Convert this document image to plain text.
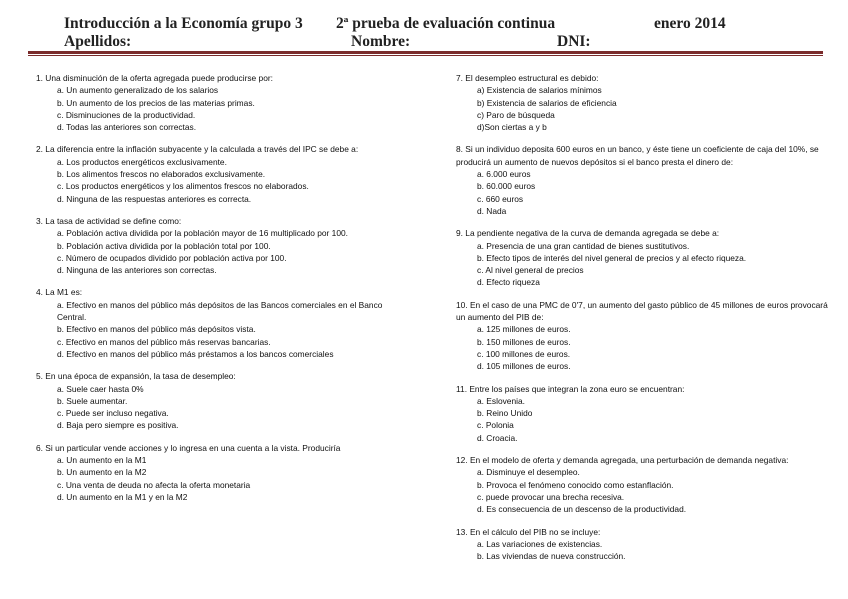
Introducción a la Economía grupo 3 2ª prueba de evaluación continua	enero 2014
Apellidos:	Nombre:	DNI:
1. Una disminución de la oferta agregada puede producirse por:
a. Un aumento generalizado de los salarios
b. Un aumento de los precios de las materias primas.
c. Disminuciones de la productividad.
d. Todas las anteriores son correctas.
2. La diferencia entre la inflación subyacente y la calculada a través del IPC se debe a:
a. Los productos energéticos exclusivamente.
b. Los alimentos frescos no elaborados exclusivamente.
c. Los productos energéticos y los alimentos frescos no elaborados.
d. Ninguna de las respuestas anteriores es correcta.
3. La tasa de actividad se define como:
a. Población activa dividida por la población mayor de 16 multiplicado por 100.
b. Población activa dividida por la población total por 100.
c. Número de ocupados dividido por población activa por 100.
d. Ninguna de las anteriores son correctas.
4. La M1 es:
a. Efectivo en manos del público más depósitos de las Bancos comerciales en el Banco Central.
b. Efectivo en manos del público más depósitos vista.
c. Efectivo en manos del público más reservas bancarias.
d. Efectivo en manos del público más préstamos a los bancos comerciales
5. En una época de expansión, la tasa de desempleo:
a. Suele caer hasta 0%
b. Suele aumentar.
c. Puede ser incluso negativa.
d. Baja pero siempre es positiva.
6. Si un particular vende acciones y lo ingresa en una cuenta a la vista. Produciría
a. Un aumento en la M1
b. Un aumento en la M2
c. Una venta de deuda no afecta la oferta monetaria
d. Un aumento en la M1 y en la M2
7. El desempleo estructural es debido:
a) Existencia de salarios mínimos
b) Existencia de salarios de eficiencia
c) Paro de búsqueda
d)Son ciertas a y b
8. Si un individuo deposita 600 euros en un banco, y éste tiene un coeficiente de caja del 10%, se producirá un aumento de nuevos depósitos si el banco presta el dinero de:
a. 6.000 euros
b. 60.000 euros
c. 660 euros
d. Nada
9. La pendiente negativa de la curva de demanda agregada se debe a:
a. Presencia de una gran cantidad de bienes sustitutivos.
b. Efecto tipos de interés del nivel general de precios y al efecto riqueza.
c. Al nivel general de precios
d. Efecto riqueza
10. En el caso de una PMC de 0'7, un aumento del gasto público de 45 millones de euros provocará un aumento del PIB de:
a. 125 millones de euros.
b. 150 millones de euros.
c. 100 millones de euros.
d. 105 millones de euros.
11. Entre los países que integran la zona euro se encuentran:
a. Eslovenia.
b. Reino Unido
c. Polonia
d. Croacia.
12. En el modelo de oferta y demanda agregada, una perturbación de demanda negativa:
a. Disminuye el desempleo.
b. Provoca el fenómeno conocido como estanflación.
c. puede provocar una brecha recesiva.
d. Es consecuencia de un descenso de la productividad.
13. En el cálculo del PIB no se incluye:
a. Las variaciones de existencias.
b. Las viviendas de nueva construcción.
